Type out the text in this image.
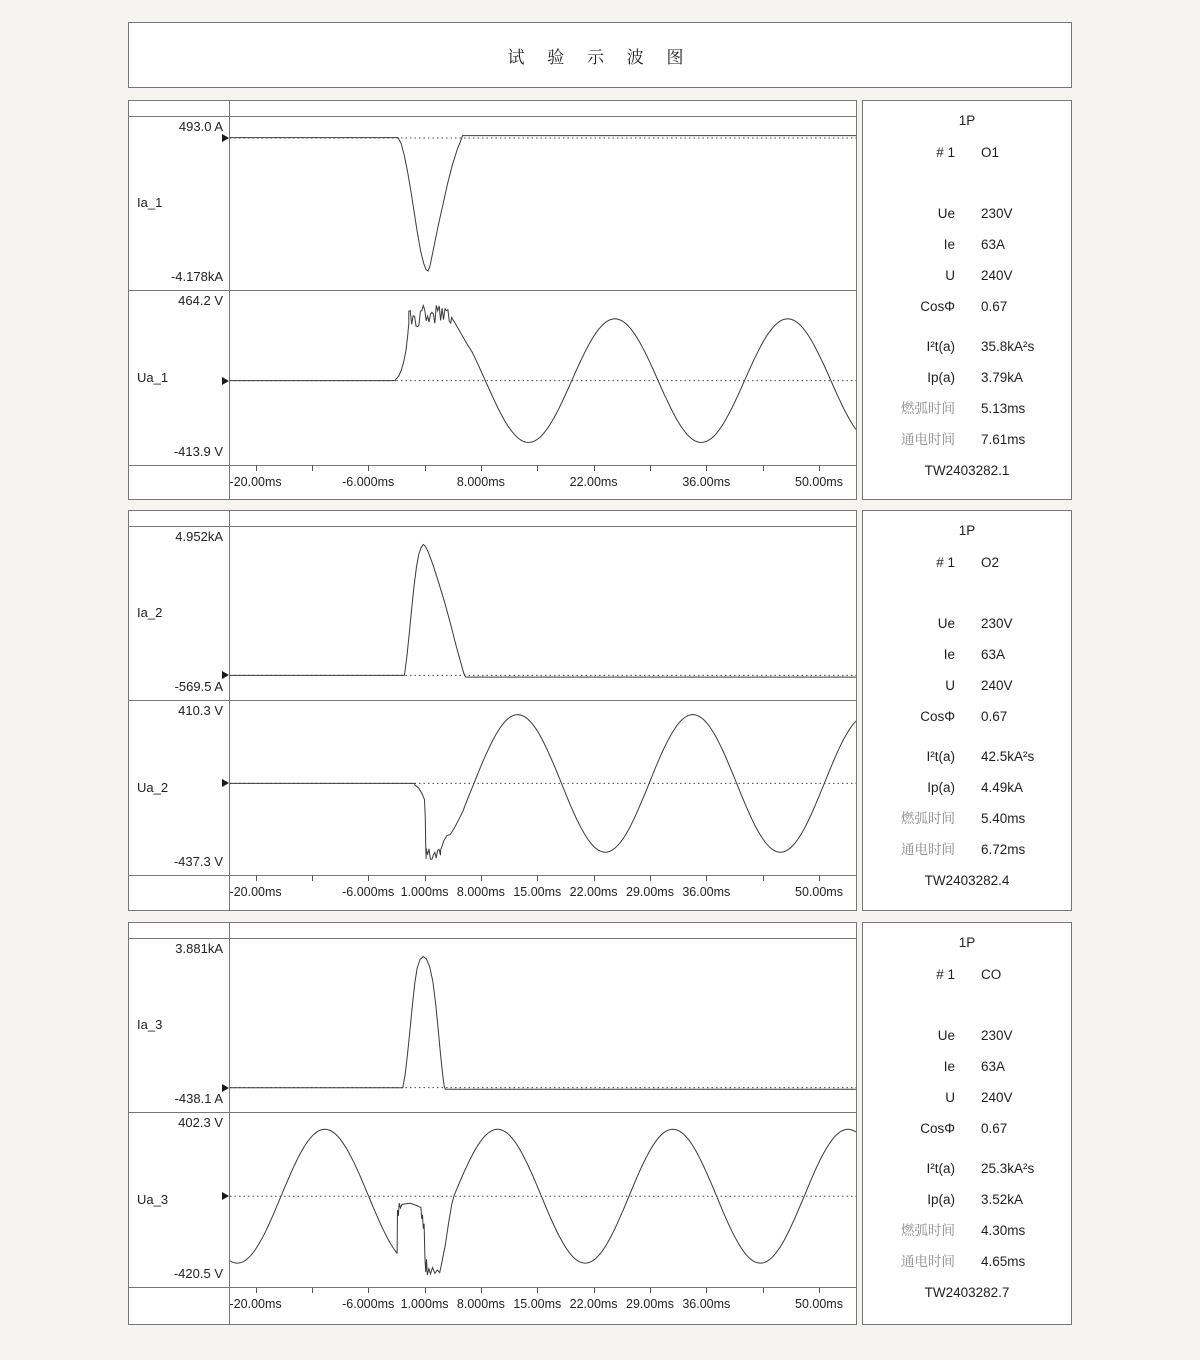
试 验 示 波 图
Ia_1
Ua_1
493.0 A
-4.178kA
464.2 V
-413.9 V
-20.00ms	-6.000ms	8.000ms	22.00ms	36.00ms	50.00ms
1P
# 1 O1
Ue 230V
Ie 63A
U 240V
CosΦ 0.67
I²t(a) 35.8kA²s
Ip(a) 3.79kA
燃弧时间 5.13ms
通电时间 7.61ms
TW2403282.1
Ia_2
Ua_2
4.952kA
-569.5 A
410.3 V
-437.3 V
-20.00ms	-6.000ms 1.000ms 8.000ms 15.00ms 22.00ms 29.00ms 36.00ms	50.00ms
1P
# 1 O2
Ue 230V
Ie 63A
U 240V
CosΦ 0.67
I²t(a) 42.5kA²s
Ip(a) 4.49kA
燃弧时间 5.40ms
通电时间 6.72ms
TW2403282.4
Ia_3
Ua_3
3.881kA
-438.1 A
402.3 V
-420.5 V
-20.00ms	-6.000ms 1.000ms 8.000ms 15.00ms 22.00ms 29.00ms 36.00ms	50.00ms
1P
# 1 CO
Ue 230V
Ie 63A
U 240V
CosΦ 0.67
I²t(a) 25.3kA²s
Ip(a) 3.52kA
燃弧时间 4.30ms
通电时间 4.65ms
TW2403282.7
